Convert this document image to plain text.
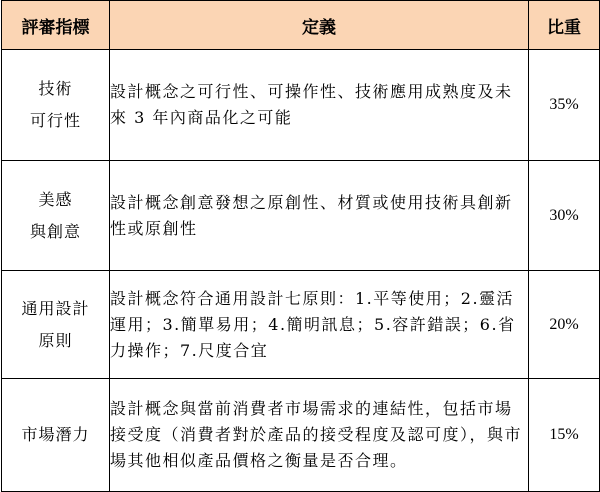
評審指標	定義	比重

技術
可行性	設計概念之可行性、可操作性、技術應用成熟度及未來 3 年內商品化之可能	35%

美感
與創意	設計概念創意發想之原創性、材質或使用技術具創新性或原創性	30%

通用設計
原則	設計概念符合通用設計七原則：1.平等使用；2.靈活運用；3.簡單易用；4.簡明訊息；5.容許錯誤；6.省力操作；7.尺度合宜	20%

市場潛力	設計概念與當前消費者市場需求的連結性，包括市場接受度（消費者對於產品的接受程度及認可度），與市場其他相似產品價格之衡量是否合理。	15%
